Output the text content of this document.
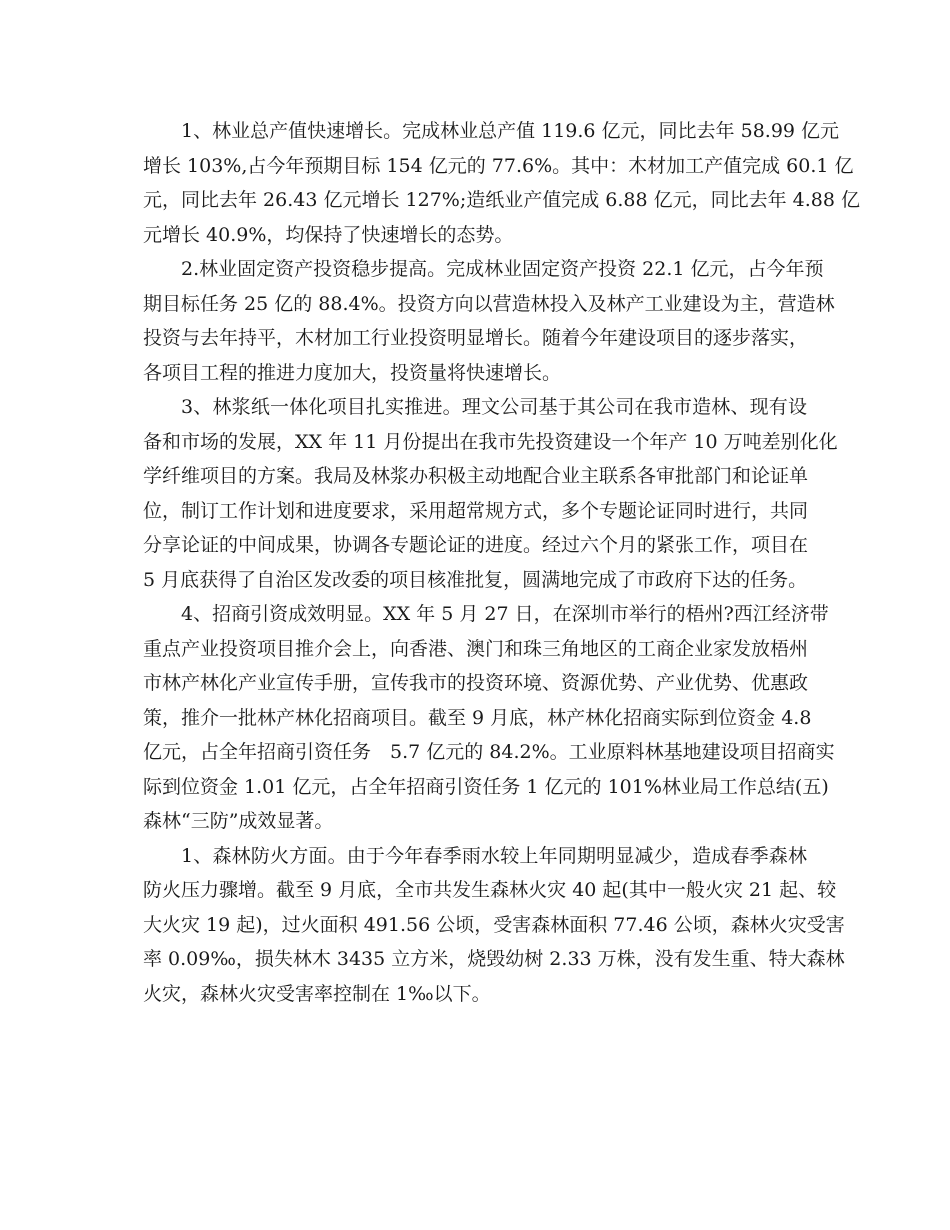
1、林业总产值快速增长。完成林业总产值 119.6 亿元，同比去年 58.99 亿元
增长 103%,占今年预期目标 154 亿元的 77.6%。其中：木材加工产值完成 60.1 亿
元，同比去年 26.43 亿元增长 127%;造纸业产值完成 6.88 亿元，同比去年 4.88 亿
元增长 40.9%，均保持了快速增长的态势。
2.林业固定资产投资稳步提高。完成林业固定资产投资 22.1 亿元，占今年预
期目标任务 25 亿的 88.4%。投资方向以营造林投入及林产工业建设为主，营造林
投资与去年持平，木材加工行业投资明显增长。随着今年建设项目的逐步落实，
各项目工程的推进力度加大，投资量将快速增长。
3、林浆纸一体化项目扎实推进。理文公司基于其公司在我市造林、现有设
备和市场的发展，XX 年 11 月份提出在我市先投资建设一个年产 10 万吨差别化化
学纤维项目的方案。我局及林浆办积极主动地配合业主联系各审批部门和论证单
位，制订工作计划和进度要求，采用超常规方式，多个专题论证同时进行，共同
分享论证的中间成果，协调各专题论证的进度。经过六个月的紧张工作，项目在
5 月底获得了自治区发改委的项目核准批复，圆满地完成了市政府下达的任务。
4、招商引资成效明显。XX 年 5 月 27 日，在深圳市举行的梧州?西江经济带
重点产业投资项目推介会上，向香港、澳门和珠三角地区的工商企业家发放梧州
市林产林化产业宣传手册，宣传我市的投资环境、资源优势、产业优势、优惠政
策，推介一批林产林化招商项目。截至 9 月底，林产林化招商实际到位资金 4.8
亿元，占全年招商引资任务　5.7 亿元的 84.2%。工业原料林基地建设项目招商实
际到位资金 1.01 亿元，占全年招商引资任务 1 亿元的 101%林业局工作总结(五)
森林“三防”成效显著。
1、森林防火方面。由于今年春季雨水较上年同期明显减少，造成春季森林
防火压力骤增。截至 9 月底，全市共发生森林火灾 40 起(其中一般火灾 21 起、较
大火灾 19 起)，过火面积 491.56 公顷，受害森林面积 77.46 公顷，森林火灾受害
率 0.09‰，损失林木 3435 立方米，烧毁幼树 2.33 万株，没有发生重、特大森林
火灾，森林火灾受害率控制在 1‰以下。
